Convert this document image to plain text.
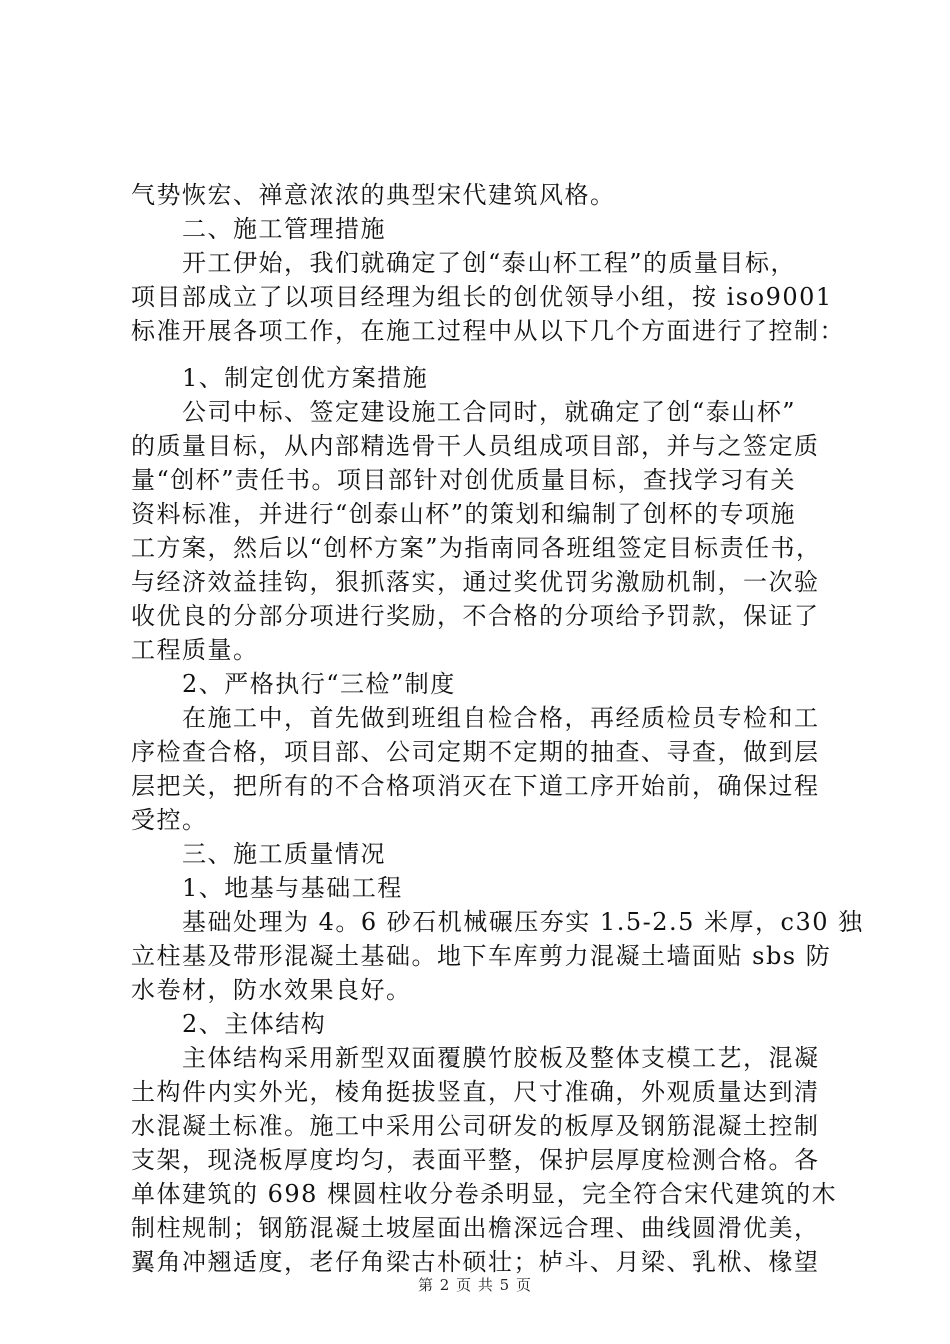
气势恢宏、禅意浓浓的典型宋代建筑风格。
　　二、施工管理措施
　　开工伊始，我们就确定了创“泰山杯工程”的质量目标，
项目部成立了以项目经理为组长的创优领导小组，按 iso9001
标准开展各项工作，在施工过程中从以下几个方面进行了控制：
　　1、制定创优方案措施
　　公司中标、签定建设施工合同时，就确定了创“泰山杯”
的质量目标，从内部精选骨干人员组成项目部，并与之签定质
量“创杯”责任书。项目部针对创优质量目标，查找学习有关
资料标准，并进行“创泰山杯”的策划和编制了创杯的专项施
工方案，然后以“创杯方案”为指南同各班组签定目标责任书，
与经济效益挂钩，狠抓落实，通过奖优罚劣激励机制，一次验
收优良的分部分项进行奖励，不合格的分项给予罚款，保证了
工程质量。
　　2、严格执行“三检”制度
　　在施工中，首先做到班组自检合格，再经质检员专检和工
序检查合格，项目部、公司定期不定期的抽查、寻查，做到层
层把关，把所有的不合格项消灭在下道工序开始前，确保过程
受控。
　　三、施工质量情况
　　1、地基与基础工程
　　基础处理为 4。6 砂石机械碾压夯实 1.5-2.5 米厚，c30 独
立柱基及带形混凝土基础。地下车库剪力混凝土墙面贴 sbs 防
水卷材，防水效果良好。
　　2、主体结构
　　主体结构采用新型双面覆膜竹胶板及整体支模工艺，混凝
土构件内实外光，棱角挺拔竖直，尺寸准确，外观质量达到清
水混凝土标准。施工中采用公司研发的板厚及钢筋混凝土控制
支架，现浇板厚度均匀，表面平整，保护层厚度检测合格。各
单体建筑的 698 棵圆柱收分卷杀明显，完全符合宋代建筑的木
制柱规制；钢筋混凝土坡屋面出檐深远合理、曲线圆滑优美，
翼角冲翘适度，老仔角梁古朴硕壮；栌斗、月梁、乳栿、椽望
第 2 页 共 5 页
